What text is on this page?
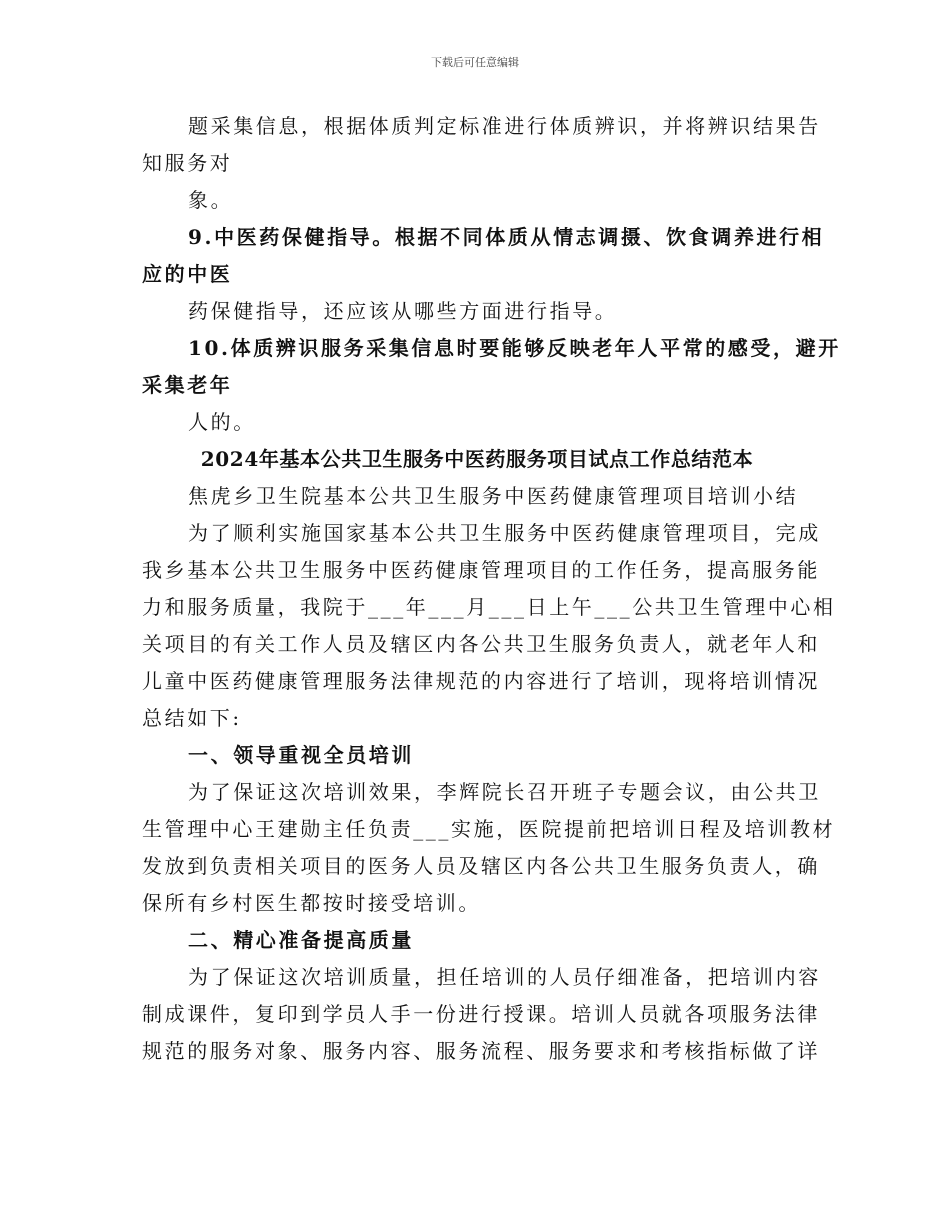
下载后可任意编辑
题采集信息，根据体质判定标准进行体质辨识，并将辨识结果告
知服务对
象。
9.中医药保健指导。根据不同体质从情志调摄、饮食调养进行相
应的中医
药保健指导，还应该从哪些方面进行指导。
10.体质辨识服务采集信息时要能够反映老年人平常的感受，避开
采集老年
人的。
2024年基本公共卫生服务中医药服务项目试点工作总结范本
焦虎乡卫生院基本公共卫生服务中医药健康管理项目培训小结
为了顺利实施国家基本公共卫生服务中医药健康管理项目，完成
我乡基本公共卫生服务中医药健康管理项目的工作任务，提高服务能
力和服务质量，我院于___年___月___日上午___公共卫生管理中心相
关项目的有关工作人员及辖区内各公共卫生服务负责人，就老年人和
儿童中医药健康管理服务法律规范的内容进行了培训，现将培训情况
总结如下:
一、领导重视全员培训
为了保证这次培训效果，李辉院长召开班子专题会议，由公共卫
生管理中心王建勋主任负责___实施，医院提前把培训日程及培训教材
发放到负责相关项目的医务人员及辖区内各公共卫生服务负责人，确
保所有乡村医生都按时接受培训。
二、精心准备提高质量
为了保证这次培训质量，担任培训的人员仔细准备，把培训内容
制成课件，复印到学员人手一份进行授课。培训人员就各项服务法律
规范的服务对象、服务内容、服务流程、服务要求和考核指标做了详
